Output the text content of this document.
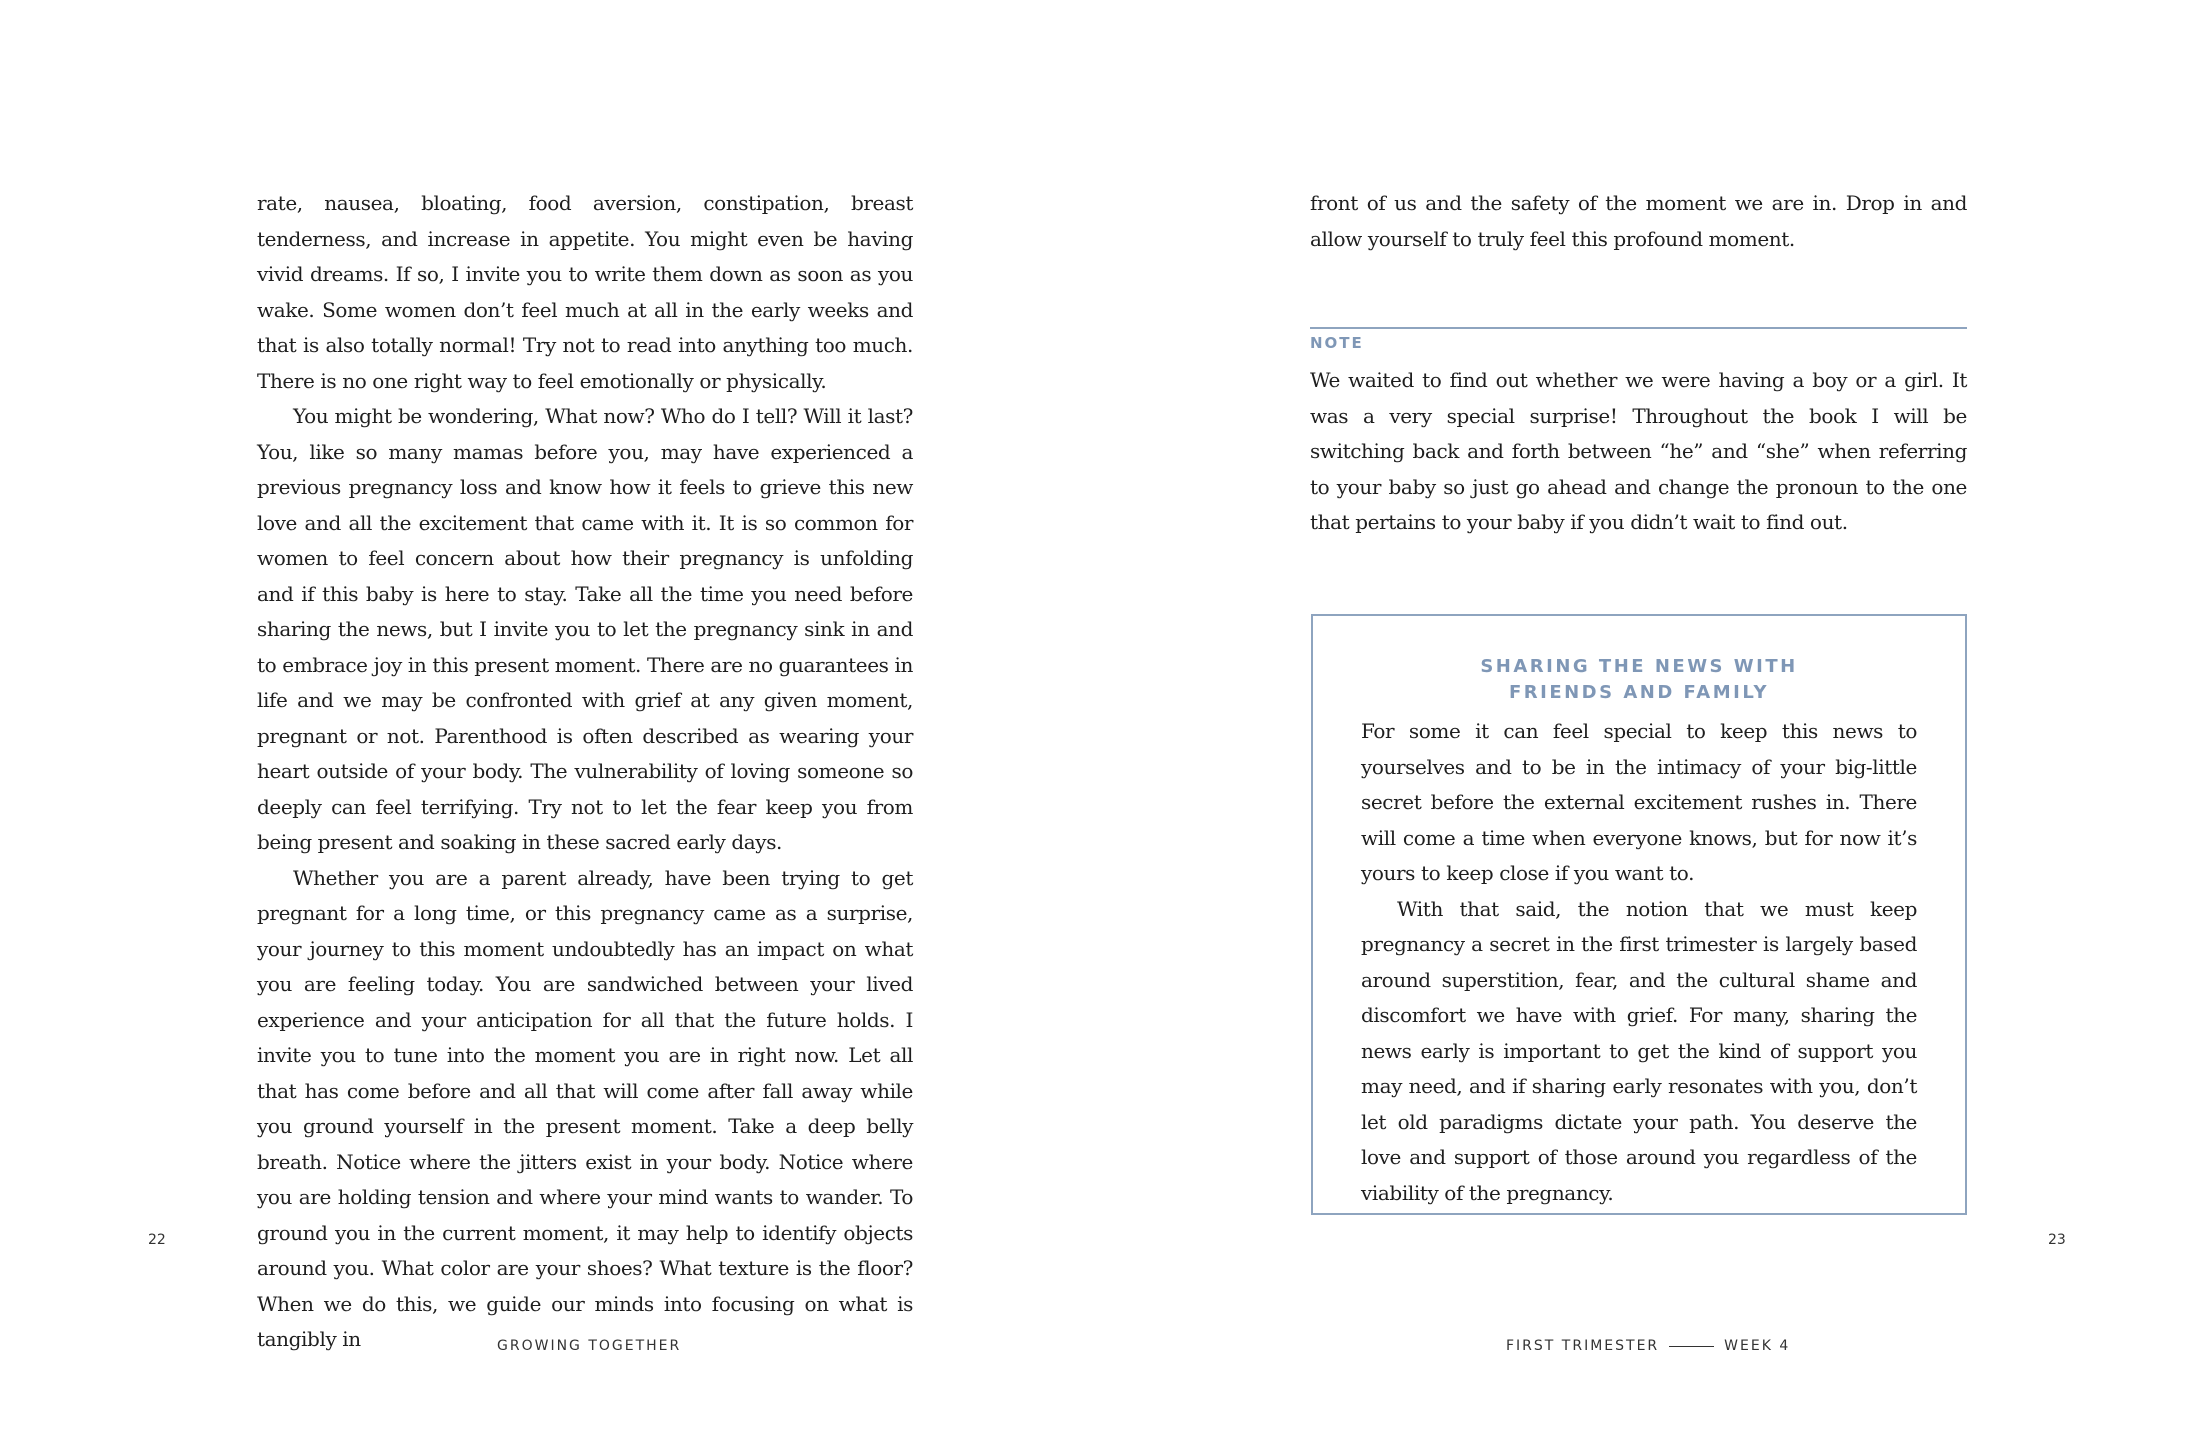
rate, nausea, bloating, food aversion, constipation, breast tenderness, and increase in appetite. You might even be having vivid dreams. If so, I invite you to write them down as soon as you wake. Some women don’t feel much at all in the early weeks and that is also totally normal! Try not to read into anything too much. There is no one right way to feel emotionally or physically.

You might be wondering, What now? Who do I tell? Will it last? You, like so many mamas before you, may have experienced a previous pregnancy loss and know how it feels to grieve this new love and all the excitement that came with it. It is so common for women to feel concern about how their pregnancy is unfolding and if this baby is here to stay. Take all the time you need before sharing the news, but I invite you to let the pregnancy sink in and to embrace joy in this present moment. There are no guarantees in life and we may be confronted with grief at any given moment, pregnant or not. Parenthood is often described as wearing your heart outside of your body. The vulnerability of loving someone so deeply can feel terrifying. Try not to let the fear keep you from being present and soaking in these sacred early days.

Whether you are a parent already, have been trying to get pregnant for a long time, or this pregnancy came as a surprise, your journey to this moment undoubtedly has an impact on what you are feeling today. You are sandwiched between your lived experience and your anticipation for all that the future holds. I invite you to tune into the moment you are in right now. Let all that has come before and all that will come after fall away while you ground yourself in the present moment. Take a deep belly breath. Notice where the jitters exist in your body. Notice where you are holding tension and where your mind wants to wander. To ground you in the current moment, it may help to identify objects around you. What color are your shoes? What texture is the floor? When we do this, we guide our minds into focusing on what is tangibly in

22
GROWING TOGETHER

front of us and the safety of the moment we are in. Drop in and allow yourself to truly feel this profound moment.

NOTE

We waited to find out whether we were having a boy or a girl. It was a very special surprise! Throughout the book I will be switching back and forth between “he” and “she” when referring to your baby so just go ahead and change the pronoun to the one that pertains to your baby if you didn’t wait to find out.

SHARING THE NEWS WITH
FRIENDS AND FAMILY

For some it can feel special to keep this news to yourselves and to be in the intimacy of your big-little secret before the external excitement rushes in. There will come a time when everyone knows, but for now it’s yours to keep close if you want to.

With that said, the notion that we must keep pregnancy a secret in the first trimester is largely based around superstition, fear, and the cultural shame and discomfort we have with grief. For many, sharing the news early is important to get the kind of support you may need, and if sharing early resonates with you, don’t let old paradigms dictate your path. You deserve the love and support of those around you regardless of the viability of the pregnancy.

23
FIRST TRIMESTER	WEEK 4
